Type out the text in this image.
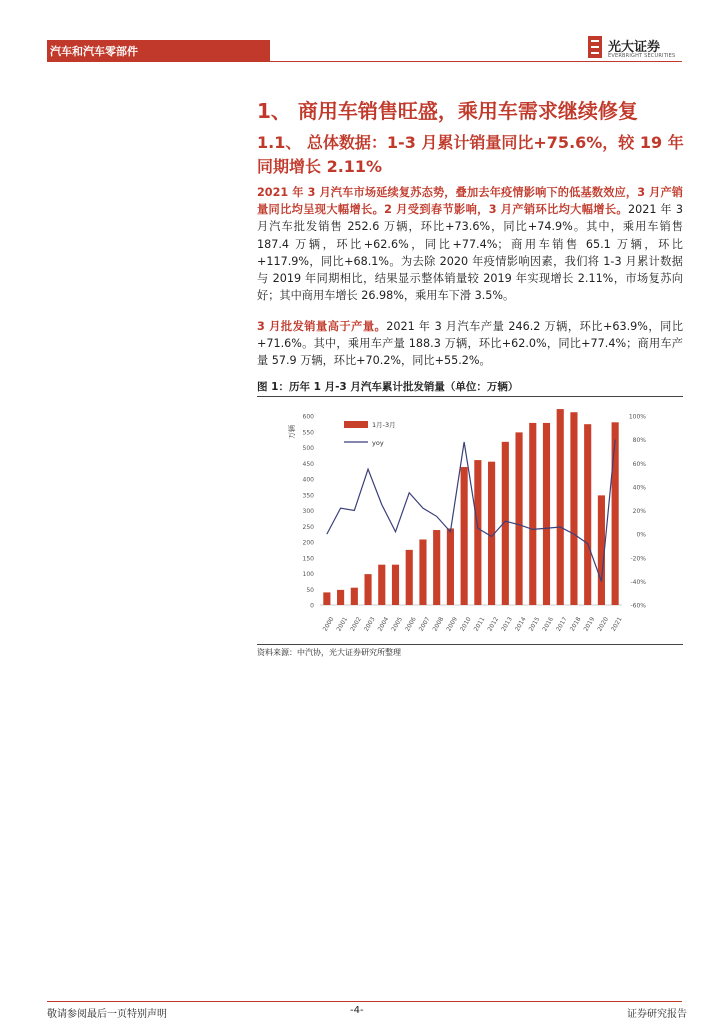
汽车和汽车零部件	光大证券
EVERBRIGHT SECURITIES
1、 商用车销售旺盛，乘用车需求继续修复
1.1、 总体数据：1-3 月累计销量同比+75.6%，较 19 年
同期增长 2.11%
2021 年 3 月汽车市场延续复苏态势，叠加去年疫情影响下的低基数效应，3 月产销量同比均呈现大幅增长。2 月受到春节影响，3 月产销环比均大幅增长。2021 年 3 月汽车批发销售 252.6 万辆，环比+73.6%，同比+74.9%。其中，乘用车销售 187.4 万辆，环比+62.6%，同比+77.4%；商用车销售 65.1 万辆，环比+117.9%，同比+68.1%。为去除 2020 年疫情影响因素，我们将 1-3 月累计数据与 2019 年同期相比，结果显示整体销量较 2019 年实现增长 2.11%，市场复苏向好；其中商用车增长 26.98%，乘用车下滑 3.5%。
3 月批发销量高于产量。2021 年 3 月汽车产量 246.2 万辆，环比+63.9%，同比+71.6%。其中，乘用车产量 188.3 万辆，环比+62.0%，同比+77.4%；商用车产量 57.9 万辆，环比+70.2%，同比+55.2%。
图 1：历年 1 月-3 月汽车累计批发销量（单位：万辆）
0
50
100
150
200
250
300
350
400
450
500
550
600
-60%
-40%
-20%
0%
20%
40%
60%
80%
100%
万辆
2000 2001 2002 2003 2004 2005 2006 2007 2008 2009 2010 2011 2012 2013 2014 2015 2016 2017 2018 2019 2020 2021
1月-3月
yoy
资料来源：中汽协，光大证券研究所整理
敬请参阅最后一页特别声明	-4-	证券研究报告
